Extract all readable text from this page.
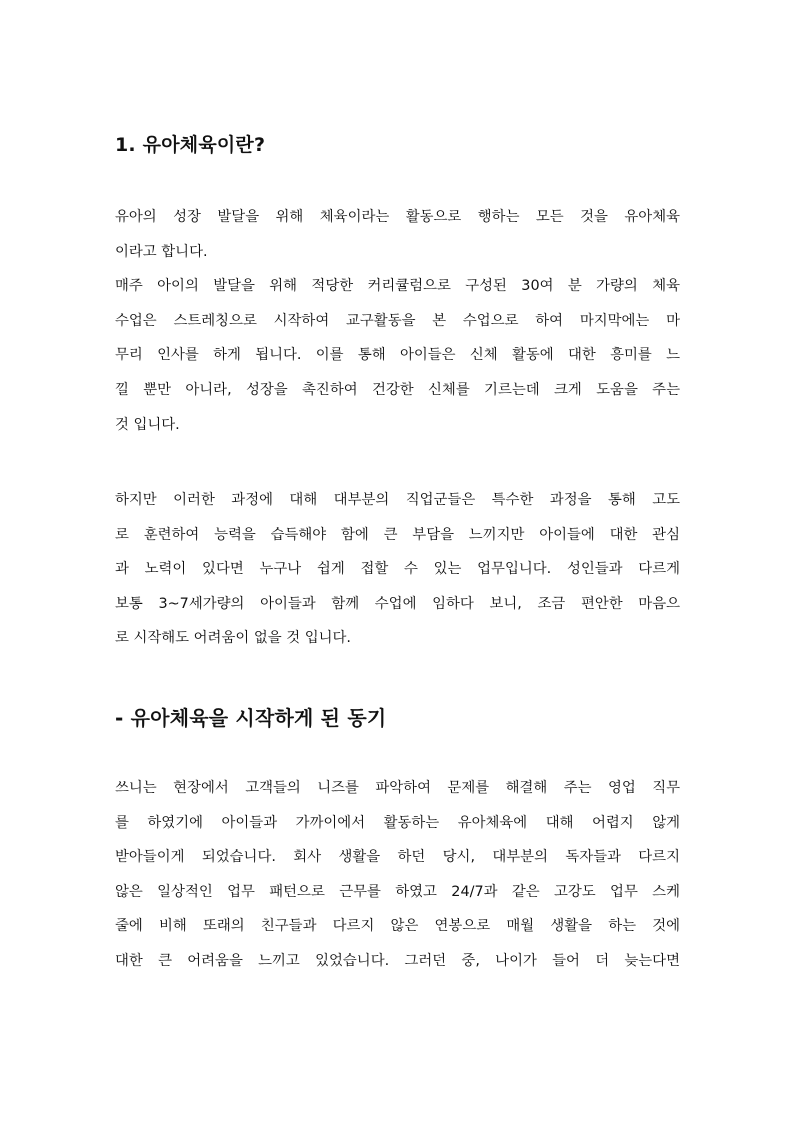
1. 유아체육이란?
유아의 성장 발달을 위해 체육이라는 활동으로 행하는 모든 것을 유아체육
이라고 합니다.
매주 아이의 발달을 위해 적당한 커리큘럼으로 구성된 30여 분 가량의 체육
수업은 스트레칭으로 시작하여 교구활동을 본 수업으로 하여 마지막에는 마
무리 인사를 하게 됩니다. 이를 통해 아이들은 신체 활동에 대한 흥미를 느
낄 뿐만 아니라, 성장을 촉진하여 건강한 신체를 기르는데 크게 도움을 주는
것 입니다.
하지만 이러한 과정에 대해 대부분의 직업군들은 특수한 과정을 통해 고도
로 훈련하여 능력을 습득해야 함에 큰 부담을 느끼지만 아이들에 대한 관심
과 노력이 있다면 누구나 쉽게 접할 수 있는 업무입니다. 성인들과 다르게
보통 3~7세가량의 아이들과 함께 수업에 임하다 보니, 조금 편안한 마음으
로 시작해도 어려움이 없을 것 입니다.
- 유아체육을 시작하게 된 동기
쓰니는 현장에서 고객들의 니즈를 파악하여 문제를 해결해 주는 영업 직무
를 하였기에 아이들과 가까이에서 활동하는 유아체육에 대해 어렵지 않게
받아들이게 되었습니다. 회사 생활을 하던 당시, 대부분의 독자들과 다르지
않은 일상적인 업무 패턴으로 근무를 하였고 24/7과 같은 고강도 업무 스케
줄에 비해 또래의 친구들과 다르지 않은 연봉으로 매월 생활을 하는 것에
대한 큰 어려움을 느끼고 있었습니다. 그러던 중, 나이가 들어 더 늦는다면
